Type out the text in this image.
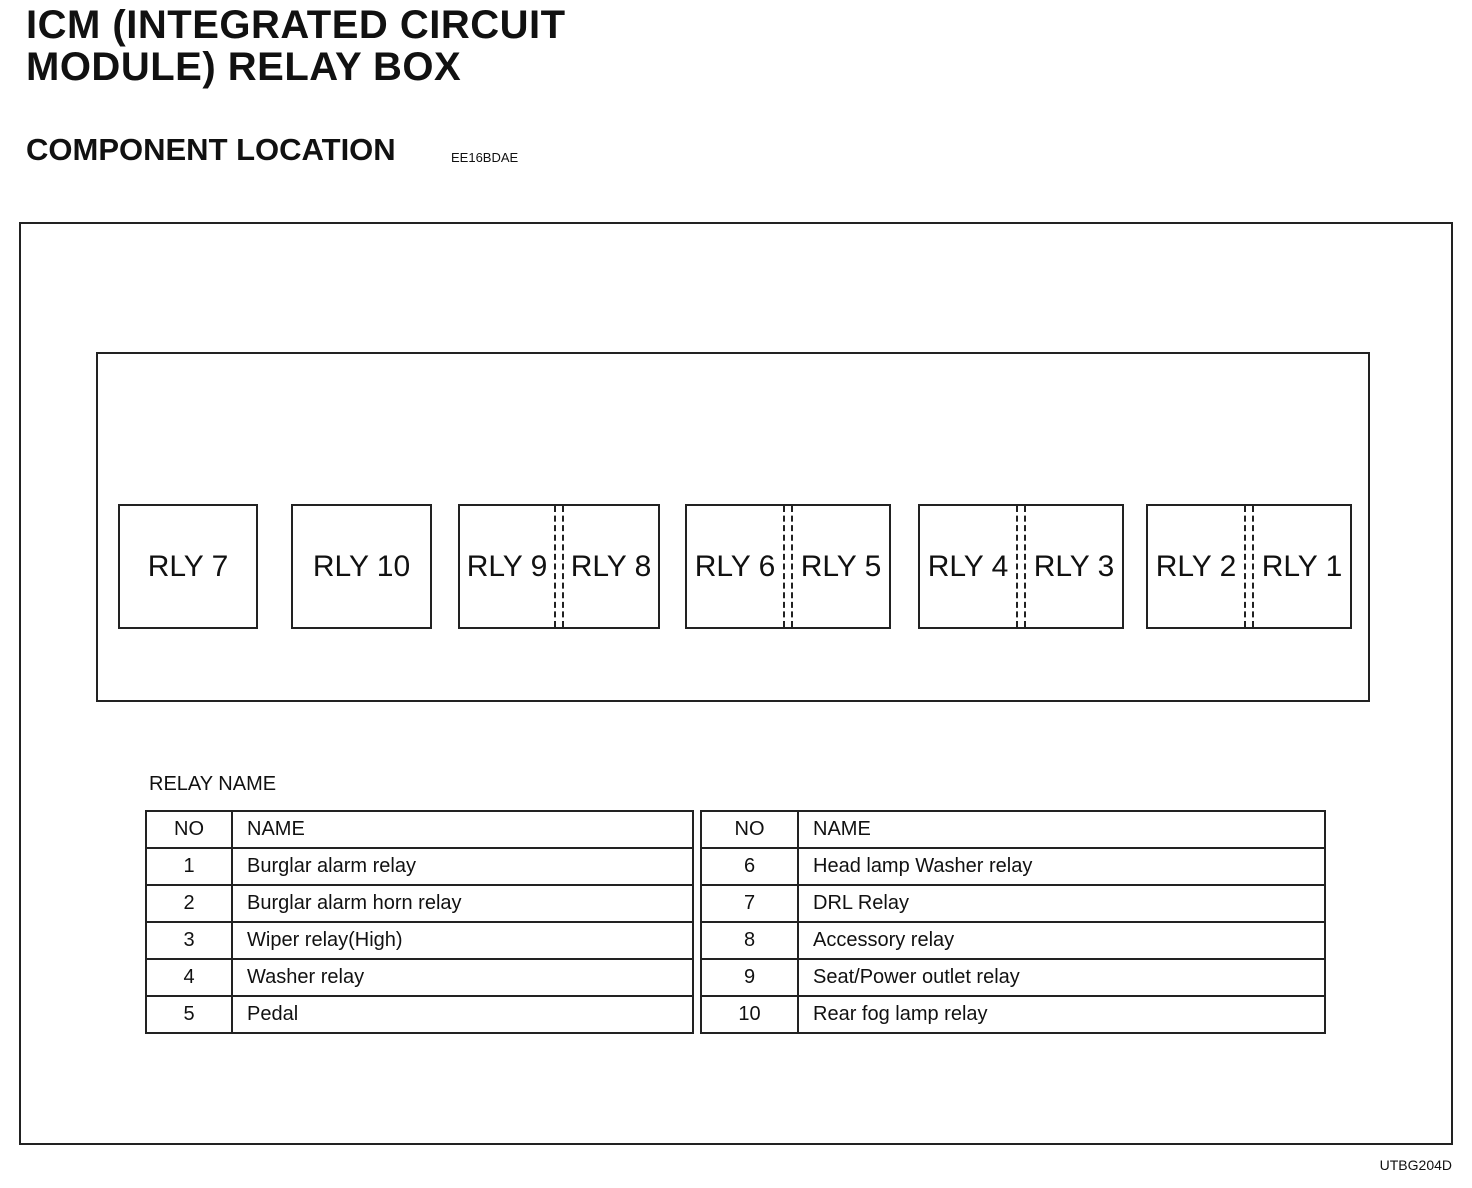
ICM (INTEGRATED CIRCUIT
MODULE) RELAY BOX
COMPONENT LOCATION	EE16BDAE
RLY 7	RLY 10	RLY 9 RLY 8 RLY 6 RLY 5 RLY 4 RLY 3 RLY 2 RLY 1
RELAY NAME
NO	NAME
1	Burglar alarm relay
2	Burglar alarm horn relay
3	Wiper relay(High)
4	Washer relay
5	Pedal
NO	NAME
6	Head lamp Washer relay
7	DRL Relay
8	Accessory relay
9	Seat/Power outlet relay
10	Rear fog lamp relay
UTBG204D
